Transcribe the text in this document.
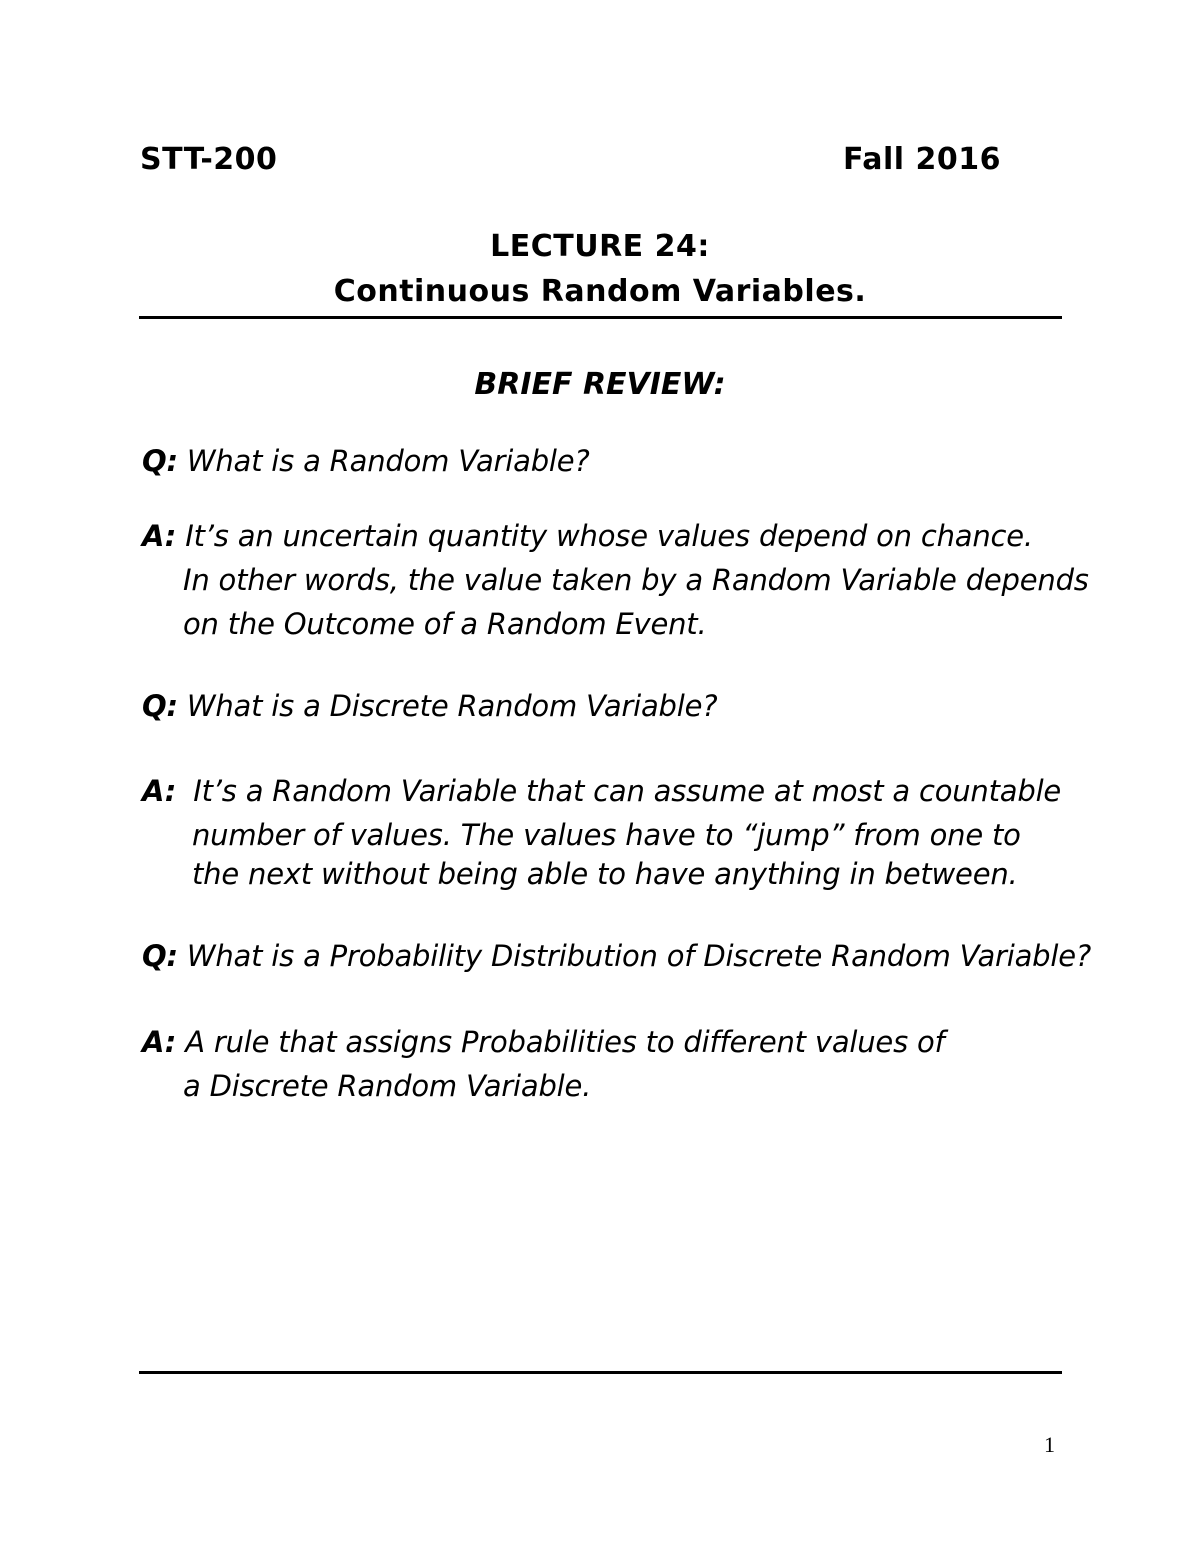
STT-200	Fall 2016
LECTURE 24:
Continuous Random Variables.
BRIEF REVIEW:
Q: What is a Random Variable?
A: It’s an uncertain quantity whose values depend on chance.
In other words, the value taken by a Random Variable depends
on the Outcome of a Random Event.
Q: What is a Discrete Random Variable?
A: It’s a Random Variable that can assume at most a countable
number of values. The values have to “jump” from one to
the next without being able to have anything in between.
Q: What is a Probability Distribution of Discrete Random Variable?
A: A rule that assigns Probabilities to different values of
a Discrete Random Variable.
1
